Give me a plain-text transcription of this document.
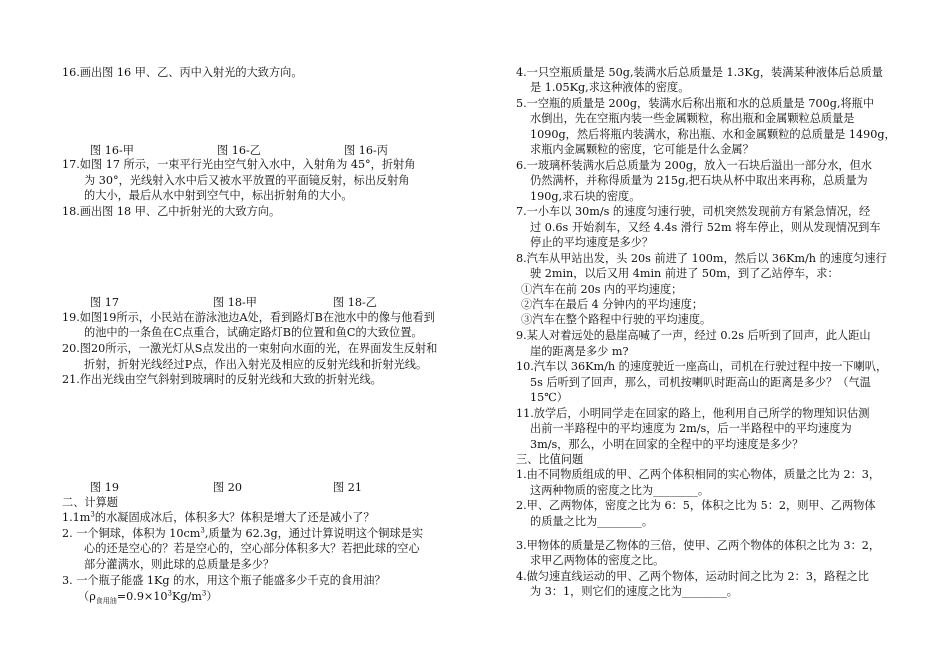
16.画出图 16 甲、乙、丙中入射光的大致方向。
图 16-甲	图 16-乙	图 16-丙
17.如图 17 所示，一束平行光由空气射入水中，入射角为 45°，折射角
为 30°，光线射入水中后又被水平放置的平面镜反射，标出反射角
的大小，最后从水中射到空气中，标出折射角的大小。
18.画出图 18 甲、乙中折射光的大致方向。
图 17	图 18-甲	图 18-乙
19.如图19所示，小民站在游泳池边A处，看到路灯B在池水中的像与他看到
的池中的一条鱼在C点重合，试确定路灯B的位置和鱼C的大致位置。
20.图20所示，一激光灯从S点发出的一束射向水面的光，在界面发生反射和
折射，折射光线经过P点，作出入射光及相应的反射光线和折射光线。
21.作出光线由空气斜射到玻璃时的反射光线和大致的折射光线。
图 19	图 20	图 21
二、计算题
$1.1m^3$的水凝固成冰后，体积多大？体积是增大了还是减小了？
2. 一个铜球，体积为 $10cm^3$,质量为 62.3g，通过计算说明这个铜球是实
心的还是空心的？若是空心的，空心部分体积多大？若把此球的空心
部分灌满水，则此球的总质量是多少？
3. 一个瓶子能盛 1Kg 的水，用这个瓶子能盛多少千克的食用油？
$(\rho_{食用油}=0.9\times 10^3Kg/m^3)$
4.一只空瓶质量是 50g,装满水后总质量是 1.3Kg，装满某种液体后总质量
是 1.05Kg,求这种液体的密度。
5.一空瓶的质量是 200g，装满水后称出瓶和水的总质量是 700g,将瓶中
水倒出，先在空瓶内装一些金属颗粒，称出瓶和金属颗粒总质量是
1090g，然后将瓶内装满水，称出瓶、水和金属颗粒的总质量是 1490g，
求瓶内金属颗粒的密度，它可能是什么金属？
6.一玻璃杯装满水后总质量为 200g，放入一石块后溢出一部分水，但水
仍然满杯，并称得质量为 215g,把石块从杯中取出来再称，总质量为
190g,求石块的密度。
7.一小车以 30m/s 的速度匀速行驶，司机突然发现前方有紧急情况，经
过 0.6s 开始刹车，又经 4.4s 滑行 52m 将车停止，则从发现情况到车
停止的平均速度是多少？
8.汽车从甲站出发，头 20s 前进了 100m，然后以 36Km/h 的速度匀速行
驶 2min，以后又用 4min 前进了 50m，到了乙站停车，求：
①汽车在前 20s 内的平均速度；
②汽车在最后 4 分钟内的平均速度；
③汽车在整个路程中行驶的平均速度。
9.某人对着远处的悬崖高喊了一声，经过 0.2s 后听到了回声，此人距山
崖的距离是多少 m?
10.汽车以 36Km/h 的速度驶近一座高山，司机在行驶过程中按一下喇叭，
5s 后听到了回声，那么，司机按喇叭时距高山的距离是多少？（气温
15℃）
11.放学后，小明同学走在回家的路上，他利用自己所学的物理知识估测
出前一半路程中的平均速度为 2m/s，后一半路程中的平均速度为
3m/s，那么，小明在回家的全程中的平均速度是多少？
三、比值问题
1.由不同物质组成的甲、乙两个体积相同的实心物体，质量之比为 2：3，
这两种物质的密度之比为________。
2.甲、乙两物体，密度之比为 6：5，体积之比为 5：2，则甲、乙两物体
的质量之比为________。
3.甲物体的质量是乙物体的三倍，使甲、乙两个物体的体积之比为 3：2，
求甲乙两物体的密度之比。
4.做匀速直线运动的甲、乙两个物体，运动时间之比为 2：3，路程之比
为 3：1，则它们的速度之比为________。
